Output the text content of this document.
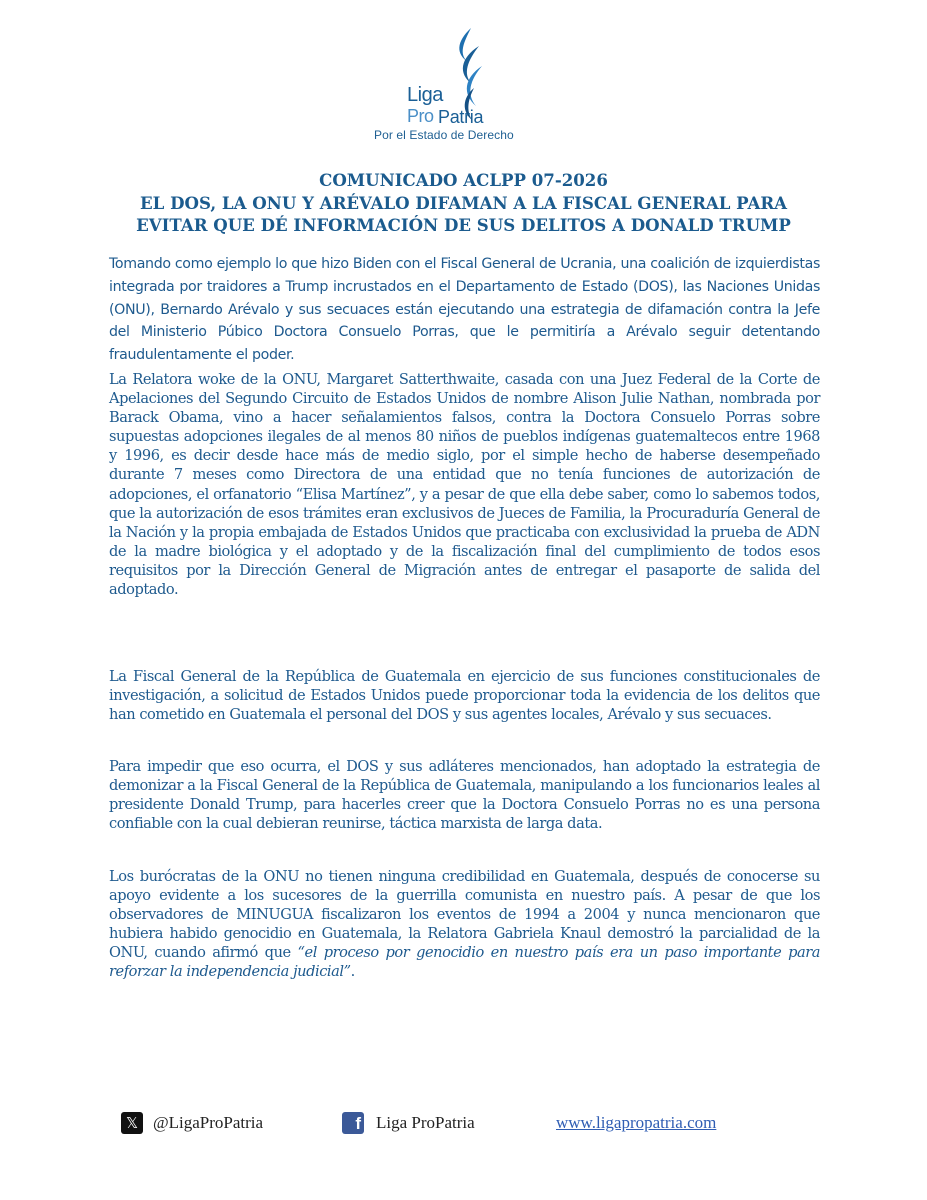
Liga
Pro Patria
Por el Estado de Derecho
COMUNICADO ACLPP 07-2026
EL DOS, LA ONU Y ARÉVALO DIFAMAN A LA FISCAL GENERAL PARA
EVITAR QUE DÉ INFORMACIÓN DE SUS DELITOS A DONALD TRUMP

Tomando como ejemplo lo que hizo Biden con el Fiscal General de Ucrania, una coalición de izquierdistas integrada por traidores a Trump incrustados en el Departamento de Estado (DOS), las Naciones Unidas (ONU), Bernardo Arévalo y sus secuaces están ejecutando una estrategia de difamación contra la Jefe del Ministerio Púbico Doctora Consuelo Porras, que le permitiría a Arévalo seguir detentando fraudulentamente el poder.

La Relatora woke de la ONU, Margaret Satterthwaite, casada con una Juez Federal de la Corte de Apelaciones del Segundo Circuito de Estados Unidos de nombre Alison Julie Nathan, nombrada por Barack Obama, vino a hacer señalamientos falsos, contra la Doctora Consuelo Porras sobre supuestas adopciones ilegales de al menos 80 niños de pueblos indígenas guatemaltecos entre 1968 y 1996, es decir desde hace más de medio siglo, por el simple hecho de haberse desempeñado durante 7 meses como Directora de una entidad que no tenía funciones de autorización de adopciones, el orfanatorio “Elisa Martínez”, y a pesar de que ella debe saber, como lo sabemos todos, que la autorización de esos trámites eran exclusivos de Jueces de Familia, la Procuraduría General de la Nación y la propia embajada de Estados Unidos que practicaba con exclusividad la prueba de ADN de la madre biológica y el adoptado y de la fiscalización final del cumplimiento de todos esos requisitos por la Dirección General de Migración antes de entregar el pasaporte de salida del adoptado.

La Fiscal General de la República de Guatemala en ejercicio de sus funciones constitucionales de investigación, a solicitud de Estados Unidos puede proporcionar toda la evidencia de los delitos que han cometido en Guatemala el personal del DOS y sus agentes locales, Arévalo y sus secuaces.

Para impedir que eso ocurra, el DOS y sus adláteres mencionados, han adoptado la estrategia de demonizar a la Fiscal General de la República de Guatemala, manipulando a los funcionarios leales al presidente Donald Trump, para hacerles creer que la Doctora Consuelo Porras no es una persona confiable con la cual debieran reunirse, táctica marxista de larga data.

Los burócratas de la ONU no tienen ninguna credibilidad en Guatemala, después de conocerse su apoyo evidente a los sucesores de la guerrilla comunista en nuestro país. A pesar de que los observadores de MINUGUA fiscalizaron los eventos de 1994 a 2004 y nunca mencionaron que hubiera habido genocidio en Guatemala, la Relatora Gabriela Knaul demostró la parcialidad de la ONU, cuando afirmó que “el proceso por genocidio en nuestro país era un paso importante para reforzar la independencia judicial”.

𝕏 @LigaProPatria	f Liga ProPatria	www.ligapropatria.com
